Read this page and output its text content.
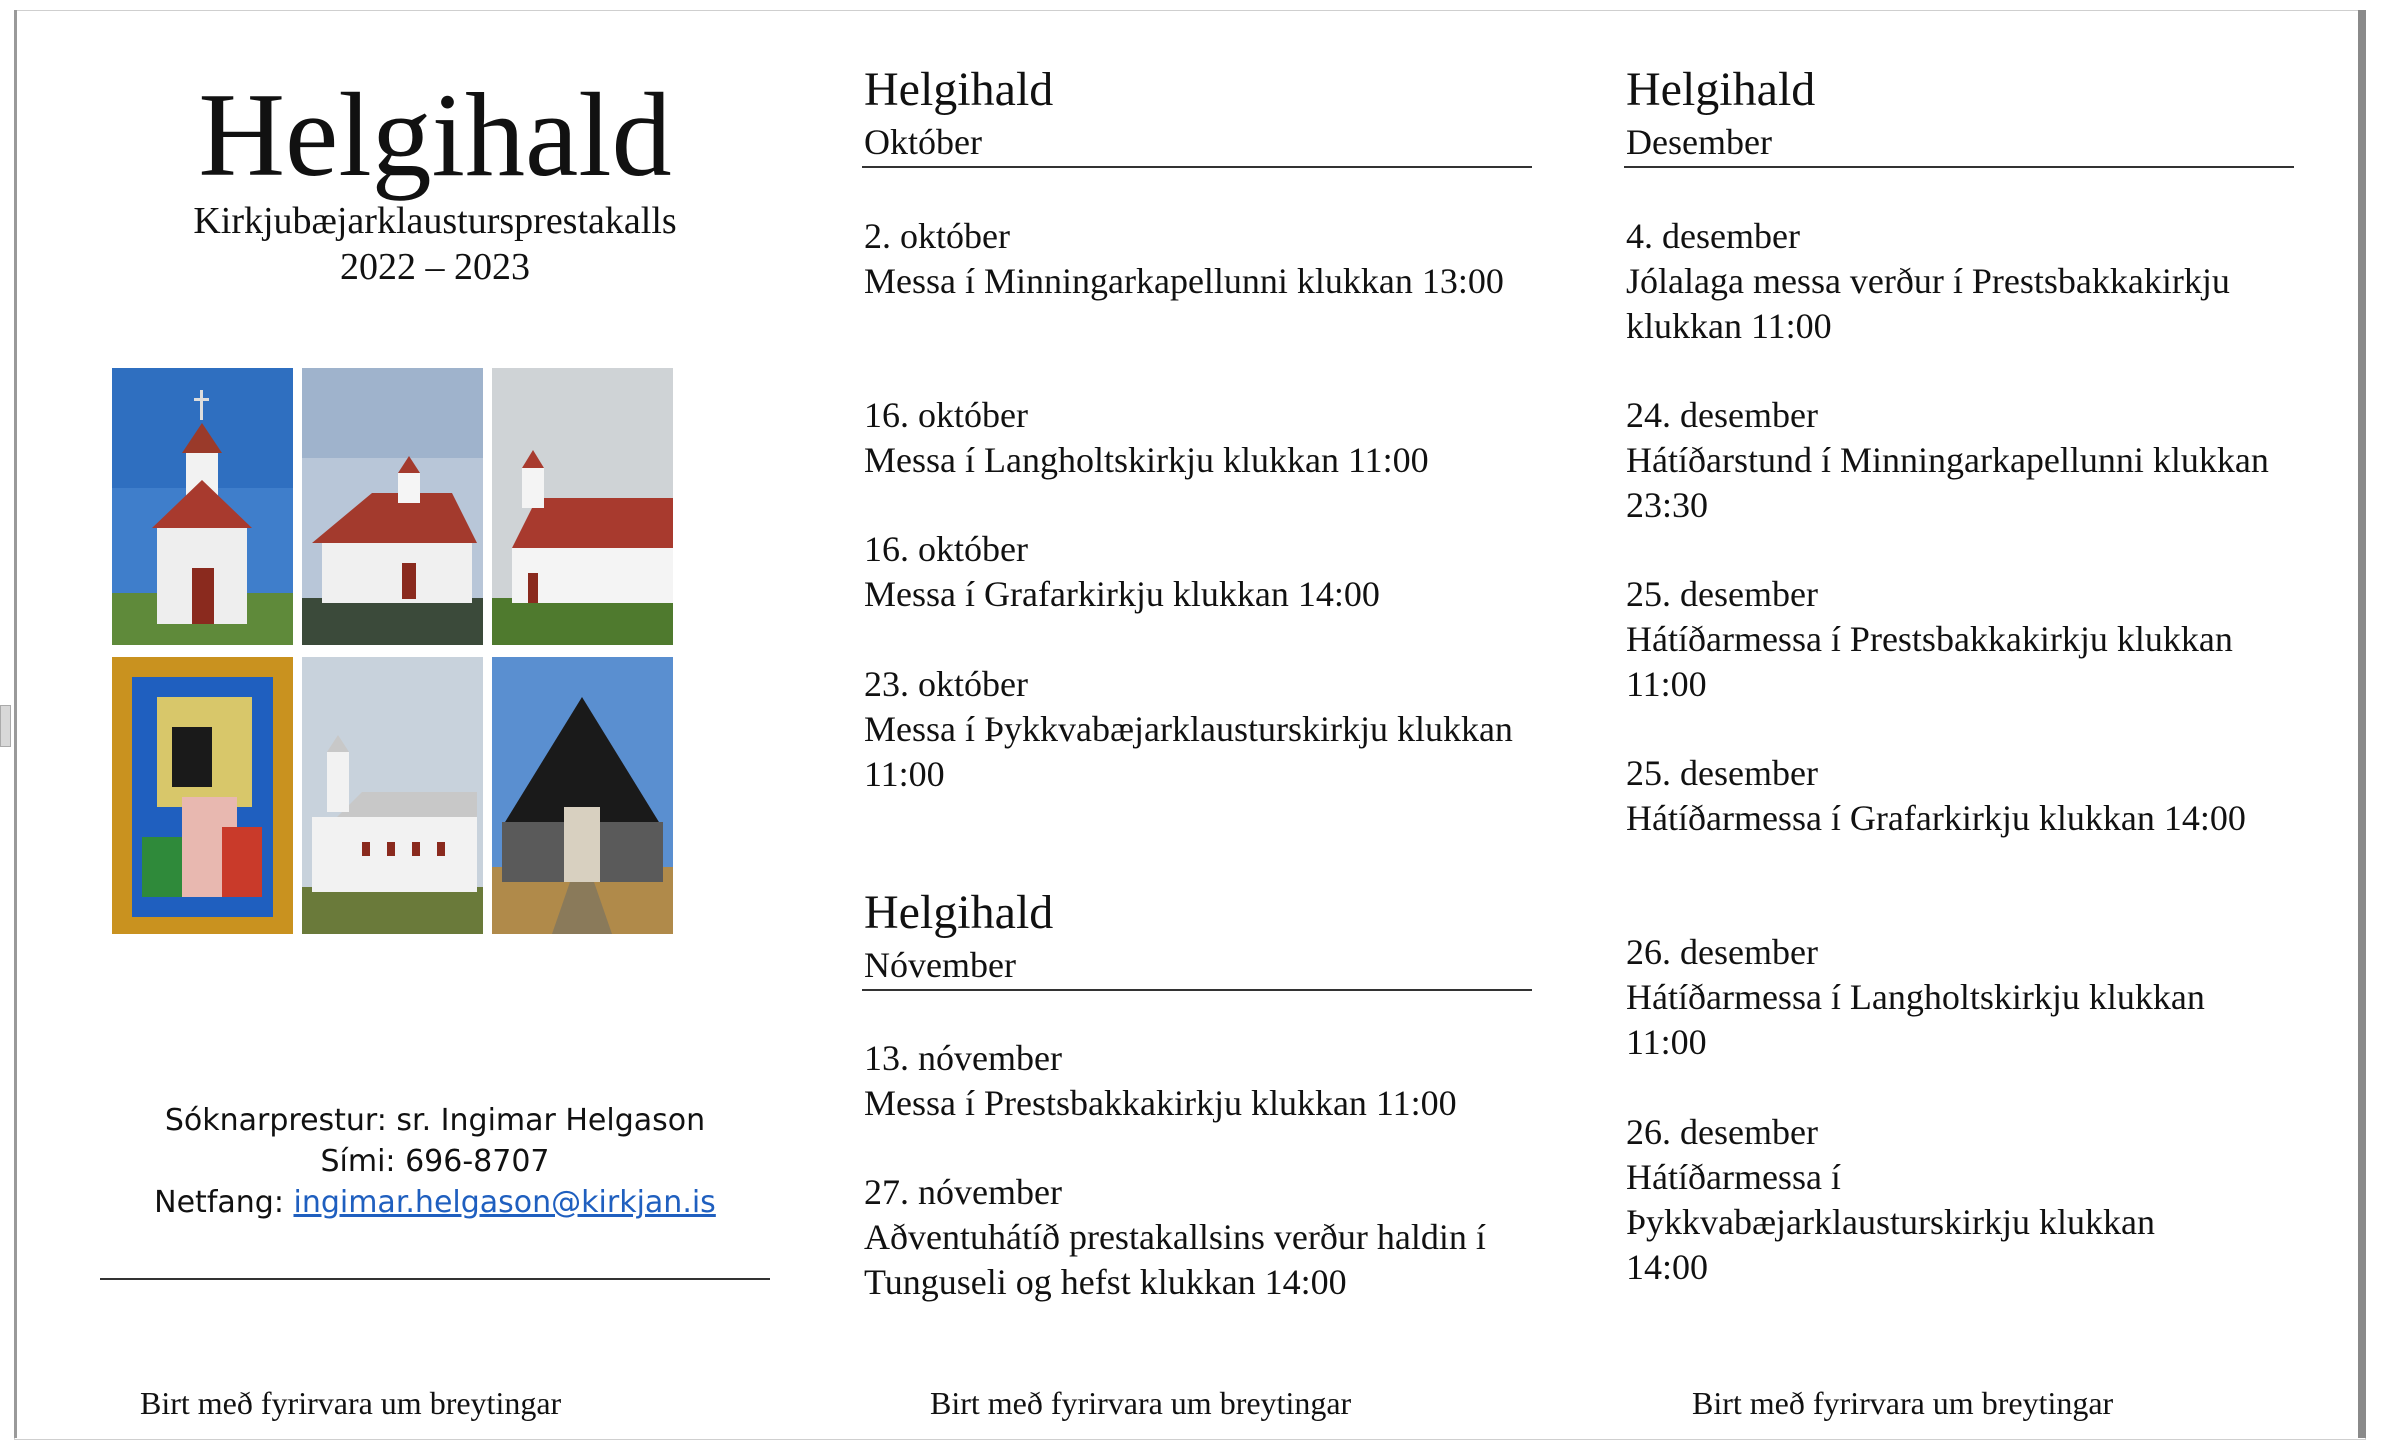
Helgihald
Kirkjubæjarklaustursprestakalls
2022 – 2023
Sóknarprestur: sr. Ingimar Helgason
Sími: 696-8707
Netfang: ingimar.helgason@kirkjan.is
Birt með fyrirvara um breytingar
Helgihald
Október
2. október
Messa í Minningarkapellunni klukkan 13:00
16. október
Messa í Langholtskirkju klukkan 11:00
16. október
Messa í Grafarkirkju klukkan 14:00
23. október
Messa í Þykkvabæjarklausturskirkju klukkan 11:00
Helgihald
Nóvember
13. nóvember
Messa í Prestsbakkakirkju klukkan 11:00
27. nóvember
Aðventuhátíð prestakallsins verður haldin í Tunguseli og hefst klukkan 14:00
Birt með fyrirvara um breytingar
Helgihald
Desember
4. desember
Jólalaga messa verður í Prestsbakkakirkju klukkan 11:00
24. desember
Hátíðarstund í Minningarkapellunni klukkan 23:30
25. desember
Hátíðarmessa í Prestsbakkakirkju klukkan 11:00
25. desember
Hátíðarmessa í Grafarkirkju klukkan 14:00
26. desember
Hátíðarmessa í Langholtskirkju klukkan 11:00
26. desember
Hátíðarmessa í Þykkvabæjarklausturskirkju klukkan 14:00
Birt með fyrirvara um breytingar
